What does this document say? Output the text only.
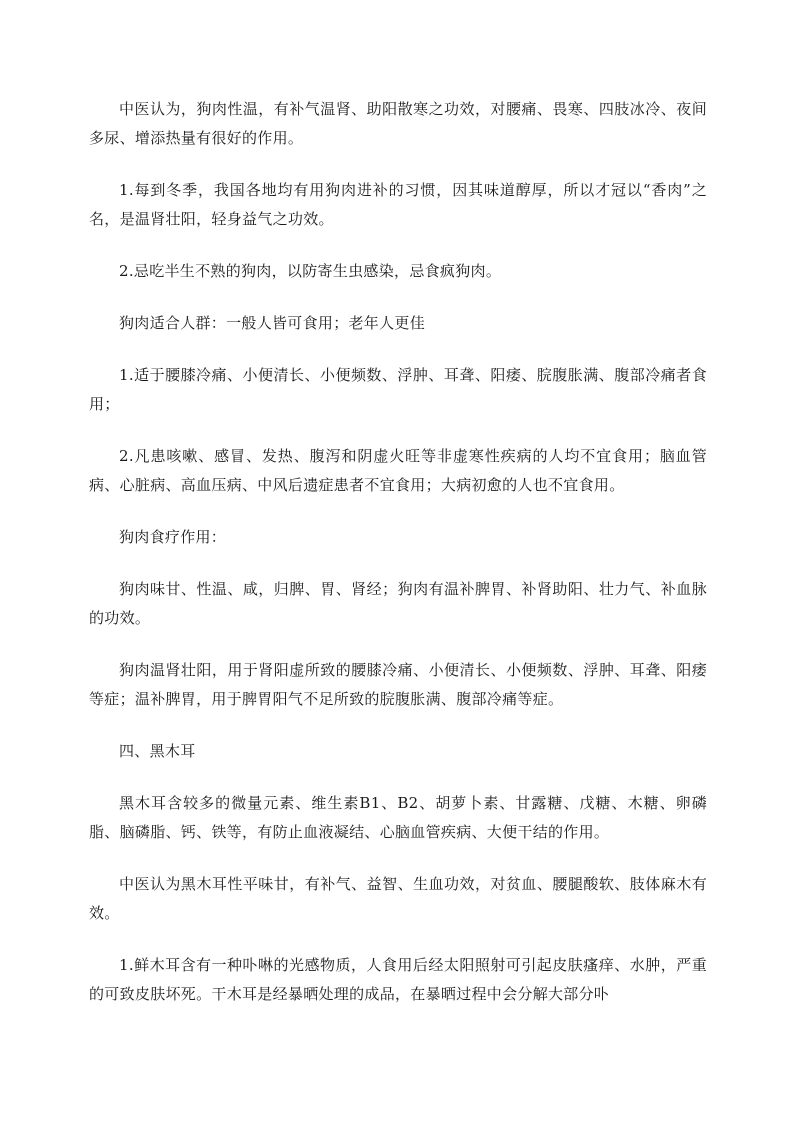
中医认为，狗肉性温，有补气温肾、助阳散寒之功效，对腰痛、畏寒、四肢冰冷、夜间多尿、增添热量有很好的作用。

1.每到冬季，我国各地均有用狗肉进补的习惯，因其味道醇厚，所以才冠以“香肉”之名，是温肾壮阳，轻身益气之功效。

2.忌吃半生不熟的狗肉，以防寄生虫感染，忌食疯狗肉。

狗肉适合人群：一般人皆可食用；老年人更佳

1.适于腰膝冷痛、小便清长、小便频数、浮肿、耳聋、阳痿、脘腹胀满、腹部冷痛者食用；

2.凡患咳嗽、感冒、发热、腹泻和阴虚火旺等非虚寒性疾病的人均不宜食用；脑血管病、心脏病、高血压病、中风后遗症患者不宜食用；大病初愈的人也不宜食用。

狗肉食疗作用：

狗肉味甘、性温、咸，归脾、胃、肾经；狗肉有温补脾胃、补肾助阳、壮力气、补血脉的功效。

狗肉温肾壮阳，用于肾阳虚所致的腰膝冷痛、小便清长、小便频数、浮肿、耳聋、阳痿等症；温补脾胃，用于脾胃阳气不足所致的脘腹胀满、腹部冷痛等症。

四、黑木耳

黑木耳含较多的微量元素、维生素B1、B2、胡萝卜素、甘露糖、戊糖、木糖、卵磷脂、脑磷脂、钙、铁等，有防止血液凝结、心脑血管疾病、大便干结的作用。

中医认为黑木耳性平味甘，有补气、益智、生血功效，对贫血、腰腿酸软、肢体麻木有效。

1.鲜木耳含有一种卟啉的光感物质，人食用后经太阳照射可引起皮肤瘙痒、水肿，严重的可致皮肤坏死。干木耳是经暴晒处理的成品，在暴晒过程中会分解大部分卟
